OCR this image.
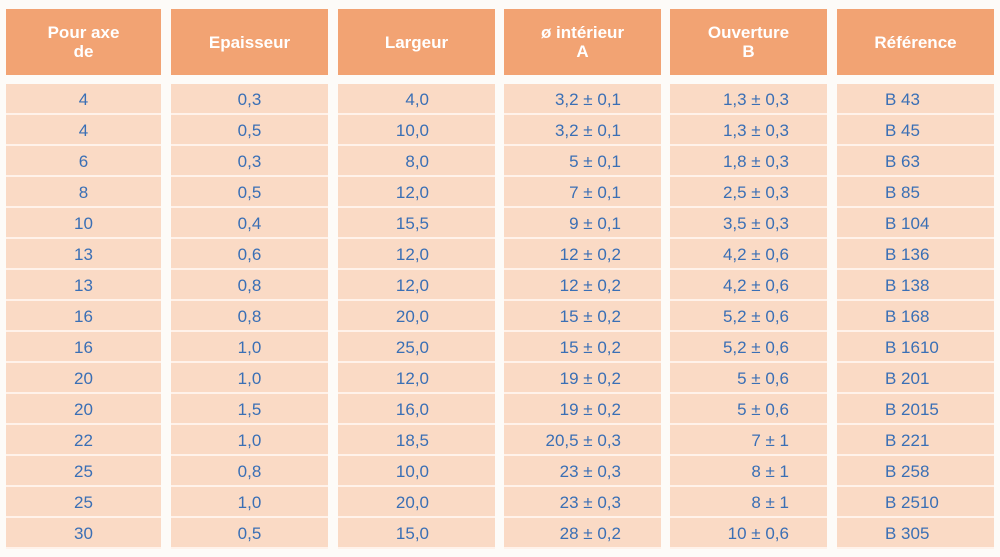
Pour axe
de
4
4
6
8
10
13
13
16
16
20
20
22
25
25
30
Epaisseur
0,3
0,5
0,3
0,5
0,4
0,6
0,8
0,8
1,0
1,0
1,5
1,0
0,8
1,0
0,5
Largeur
4,0
10,0
8,0
12,0
15,5
12,0
12,0
20,0
25,0
12,0
16,0
18,5
10,0
20,0
15,0
ø intérieur
A
3,2 ± 0,1
3,2 ± 0,1
5 ± 0,1
7 ± 0,1
9 ± 0,1
12 ± 0,2
12 ± 0,2
15 ± 0,2
15 ± 0,2
19 ± 0,2
19 ± 0,2
20,5 ± 0,3
23 ± 0,3
23 ± 0,3
28 ± 0,2
Ouverture
B
1,3 ± 0,3
1,3 ± 0,3
1,8 ± 0,3
2,5 ± 0,3
3,5 ± 0,3
4,2 ± 0,6
4,2 ± 0,6
5,2 ± 0,6
5,2 ± 0,6
5 ± 0,6
5 ± 0,6
7 ± 1
8 ± 1
8 ± 1
10 ± 0,6
Référence
B 43
B 45
B 63
B 85
B 104
B 136
B 138
B 168
B 1610
B 201
B 2015
B 221
B 258
B 2510
B 305
